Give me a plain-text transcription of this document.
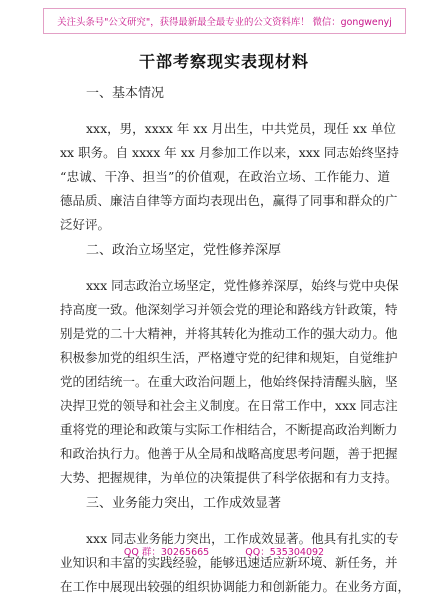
关注头条号"公文研究"，获得最新最全最专业的公文资料库！ 微信：gongwenyj
干部考察现实表现材料

一、基本情况

xxx，男，xxxx 年 xx 月出生，中共党员，现任 xx 单位
xx 职务。自 xxxx 年 xx 月参加工作以来，xxx 同志始终坚持
“忠诚、干净、担当”的价值观，在政治立场、工作能力、道
德品质、廉洁自律等方面均表现出色，赢得了同事和群众的广
泛好评。

二、政治立场坚定，党性修养深厚

xxx 同志政治立场坚定，党性修养深厚，始终与党中央保
持高度一致。他深刻学习并领会党的理论和路线方针政策，特
别是党的二十大精神，并将其转化为推动工作的强大动力。他
积极参加党的组织生活，严格遵守党的纪律和规矩，自觉维护
党的团结统一。在重大政治问题上，他始终保持清醒头脑，坚
决捍卫党的领导和社会主义制度。在日常工作中，xxx 同志注
重将党的理论和政策与实际工作相结合，不断提高政治判断力
和政治执行力。他善于从全局和战略高度思考问题，善于把握
大势、把握规律，为单位的决策提供了科学依据和有力支持。

三、业务能力突出，工作成效显著

xxx 同志业务能力突出，工作成效显著。他具有扎实的专
业知识和丰富的实践经验，能够迅速适应新环境、新任务，并
在工作中展现出较强的组织协调能力和创新能力。在业务方面，
QQ 群：30265665	QQ：535304092
